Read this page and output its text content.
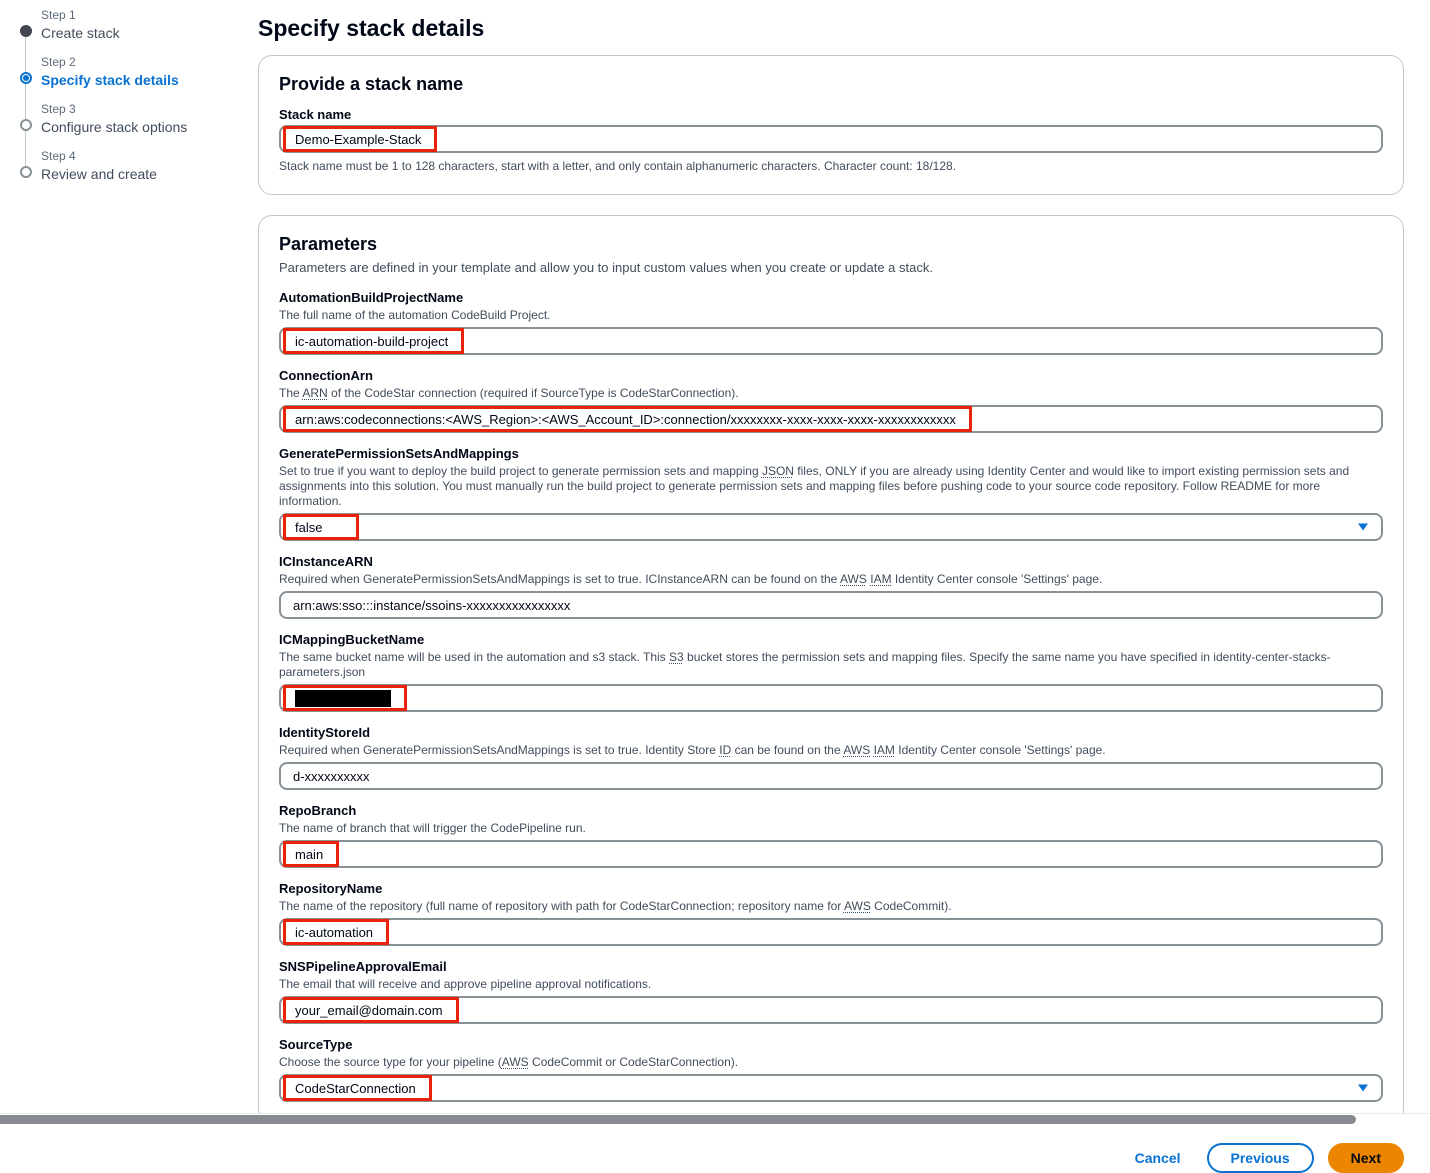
Step 1
Create stack
Step 2
Specify stack details
Step 3
Configure stack options
Step 4
Review and create
Specify stack details
Provide a stack name
Stack name
Demo-Example-Stack
Stack name must be 1 to 128 characters, start with a letter, and only contain alphanumeric characters. Character count: 18/128.
Parameters

Parameters are defined in your template and allow you to input custom values when you create or update a stack.

AutomationBuildProjectName
The full name of the automation CodeBuild Project.
ic-automation-build-project
ConnectionArn
The ARN of the CodeStar connection (required if SourceType is CodeStarConnection).
arn:aws:codeconnections:<AWS_Region>:<AWS_Account_ID>:connection/xxxxxxxx-xxxx-xxxx-xxxx-xxxxxxxxxxxx
GeneratePermissionSetsAndMappings
Set to true if you want to deploy the build project to generate permission sets and mapping JSON files, ONLY if you are already using Identity Center and would like to import existing permission sets and assignments into this solution. You must manually run the build project to generate permission sets and mapping files before pushing code to your source code repository. Follow README for more information.
false
ICInstanceARN
Required when GeneratePermissionSetsAndMappings is set to true. ICInstanceARN can be found on the AWS IAM Identity Center console 'Settings' page.
arn:aws:sso:::instance/ssoins-xxxxxxxxxxxxxxxx
ICMappingBucketName
The same bucket name will be used in the automation and s3 stack. This S3 bucket stores the permission sets and mapping files. Specify the same name you have specified in identity-center-stacks-parameters.json
IdentityStoreId
Required when GeneratePermissionSetsAndMappings is set to true. Identity Store ID can be found on the AWS IAM Identity Center console 'Settings' page.
d-xxxxxxxxxx
RepoBranch
The name of branch that will trigger the CodePipeline run.
main
RepositoryName
The name of the repository (full name of repository with path for CodeStarConnection; repository name for AWS CodeCommit).
ic-automation
SNSPipelineApprovalEmail
The email that will receive and approve pipeline approval notifications.
your_email@domain.com
SourceType
Choose the source type for your pipeline (AWS CodeCommit or CodeStarConnection).
CodeStarConnection
Cancel	Previous	Next
